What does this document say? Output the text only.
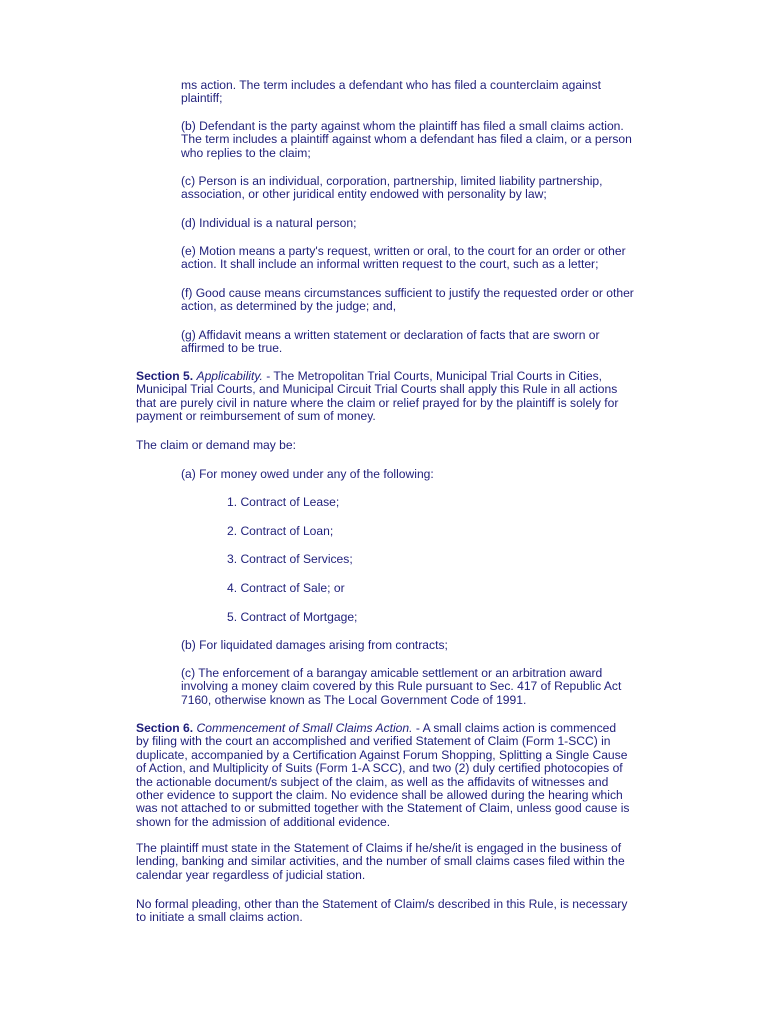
ms action. The term includes a defendant who has filed a counterclaim against
plaintiff;
(b) Defendant is the party against whom the plaintiff has filed a small claims action.
The term includes a plaintiff against whom a defendant has filed a claim, or a person
who replies to the claim;
(c) Person is an individual, corporation, partnership, limited liability partnership,
association, or other juridical entity endowed with personality by law;
(d) Individual is a natural person;
(e) Motion means a party's request, written or oral, to the court for an order or other
action. It shall include an informal written request to the court, such as a letter;
(f) Good cause means circumstances sufficient to justify the requested order or other
action, as determined by the judge; and,
(g) Affidavit means a written statement or declaration of facts that are sworn or
affirmed to be true.
Section 5. Applicability. - The Metropolitan Trial Courts, Municipal Trial Courts in Cities,
Municipal Trial Courts, and Municipal Circuit Trial Courts shall apply this Rule in all actions
that are purely civil in nature where the claim or relief prayed for by the plaintiff is solely for
payment or reimbursement of sum of money.
The claim or demand may be:
(a) For money owed under any of the following:
1. Contract of Lease;
2. Contract of Loan;
3. Contract of Services;
4. Contract of Sale; or
5. Contract of Mortgage;
(b) For liquidated damages arising from contracts;
(c) The enforcement of a barangay amicable settlement or an arbitration award
involving a money claim covered by this Rule pursuant to Sec. 417 of Republic Act
7160, otherwise known as The Local Government Code of 1991.
Section 6. Commencement of Small Claims Action. - A small claims action is commenced
by filing with the court an accomplished and verified Statement of Claim (Form 1-SCC) in
duplicate, accompanied by a Certification Against Forum Shopping, Splitting a Single Cause
of Action, and Multiplicity of Suits (Form 1-A SCC), and two (2) duly certified photocopies of
the actionable document/s subject of the claim, as well as the affidavits of witnesses and
other evidence to support the claim. No evidence shall be allowed during the hearing which
was not attached to or submitted together with the Statement of Claim, unless good cause is
shown for the admission of additional evidence.
The plaintiff must state in the Statement of Claims if he/she/it is engaged in the business of
lending, banking and similar activities, and the number of small claims cases filed within the
calendar year regardless of judicial station.
No formal pleading, other than the Statement of Claim/s described in this Rule, is necessary
to initiate a small claims action.
